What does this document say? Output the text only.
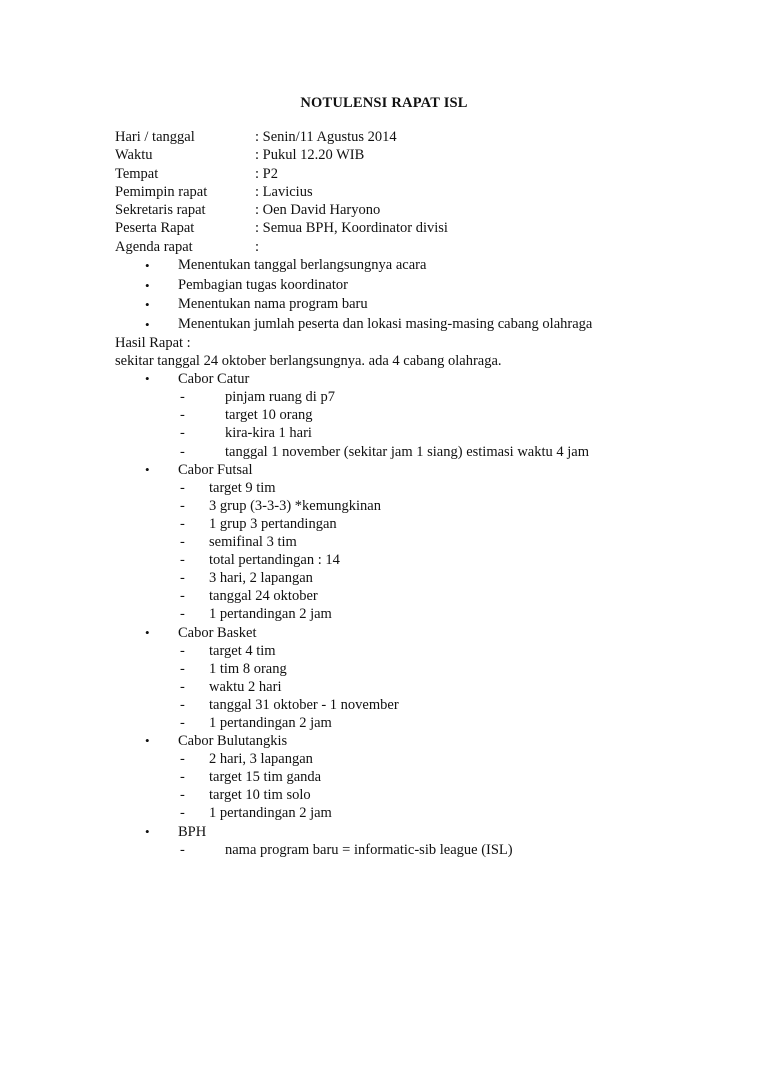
NOTULENSI RAPAT ISL
Hari / tanggal	: Senin/11 Agustus 2014
Waktu	: Pukul 12.20 WIB
Tempat	: P2
Pemimpin rapat	: Lavicius
Sekretaris rapat	: Oen David Haryono
Peserta Rapat	: Semua BPH, Koordinator divisi
Agenda rapat	:
• Menentukan tanggal berlangsungnya acara
• Pembagian tugas koordinator
• Menentukan nama program baru
• Menentukan jumlah peserta dan lokasi masing-masing cabang olahraga
Hasil Rapat :
sekitar tanggal 24 oktober berlangsungnya. ada 4 cabang olahraga.
• Cabor Catur
-	pinjam ruang di p7
-	target 10 orang
-	kira-kira 1 hari
-	tanggal 1 november (sekitar jam 1 siang) estimasi waktu 4 jam
• Cabor Futsal
- target 9 tim
- 3 grup (3-3-3) *kemungkinan
- 1 grup 3 pertandingan
- semifinal 3 tim
- total pertandingan : 14
- 3 hari, 2 lapangan
- tanggal 24 oktober
- 1 pertandingan 2 jam
• Cabor Basket
- target 4 tim
- 1 tim 8 orang
- waktu 2 hari
- tanggal 31 oktober - 1 november
- 1 pertandingan 2 jam
• Cabor Bulutangkis
- 2 hari, 3 lapangan
- target 15 tim ganda
- target 10 tim solo
- 1 pertandingan 2 jam
• BPH
-	nama program baru = informatic-sib league (ISL)
